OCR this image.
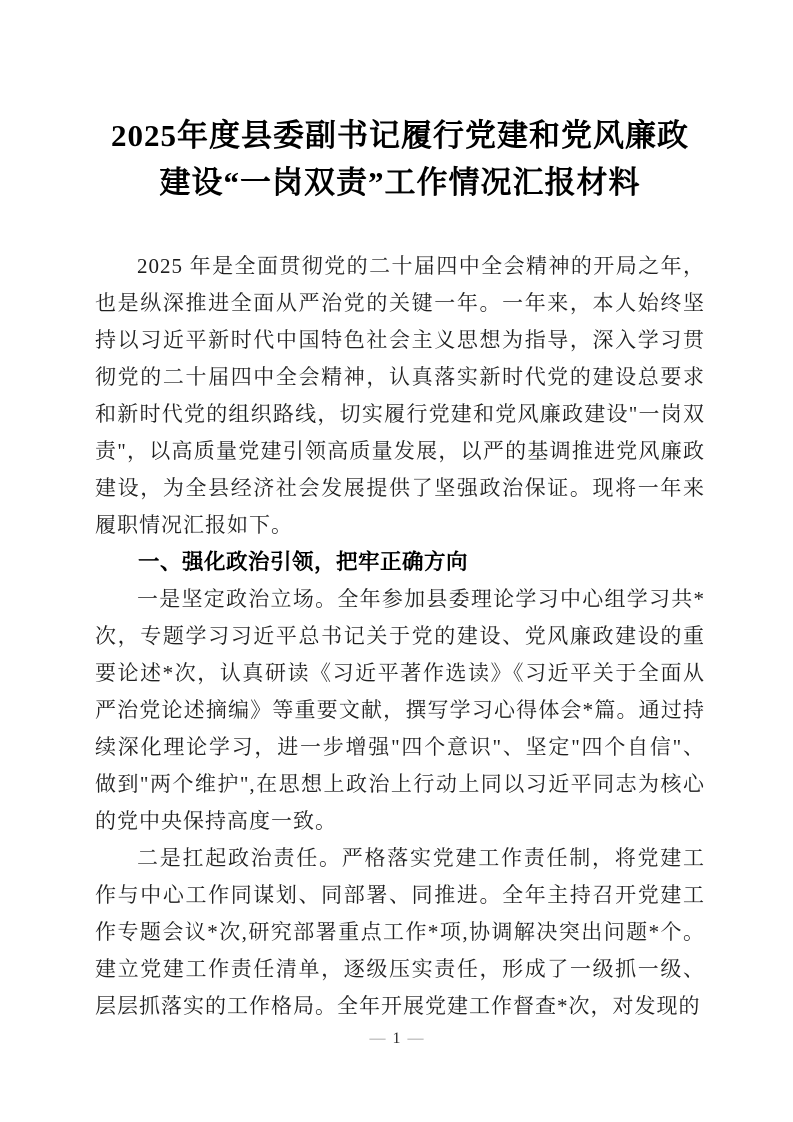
2025年度县委副书记履行党建和党风廉政
建设“一岗双责”工作情况汇报材料

2025 年是全面贯彻党的二十届四中全会精神的开局之年，也是纵深推进全面从严治党的关键一年。一年来，本人始终坚持以习近平新时代中国特色社会主义思想为指导，深入学习贯彻党的二十届四中全会精神，认真落实新时代党的建设总要求和新时代党的组织路线，切实履行党建和党风廉政建设"一岗双责"，以高质量党建引领高质量发展，以严的基调推进党风廉政建设，为全县经济社会发展提供了坚强政治保证。现将一年来履职情况汇报如下。

一、强化政治引领，把牢正确方向

一是坚定政治立场。全年参加县委理论学习中心组学习共*次，专题学习习近平总书记关于党的建设、党风廉政建设的重要论述*次，认真研读《习近平著作选读》《习近平关于全面从严治党论述摘编》等重要文献，撰写学习心得体会*篇。通过持续深化理论学习，进一步增强"四个意识"、坚定"四个自信"、做到"两个维护",在思想上政治上行动上同以习近平同志为核心的党中央保持高度一致。

二是扛起政治责任。严格落实党建工作责任制，将党建工作与中心工作同谋划、同部署、同推进。全年主持召开党建工作专题会议*次,研究部署重点工作*项,协调解决突出问题*个。建立党建工作责任清单，逐级压实责任，形成了一级抓一级、层层抓落实的工作格局。全年开展党建工作督查*次，对发现的

— 1 —
